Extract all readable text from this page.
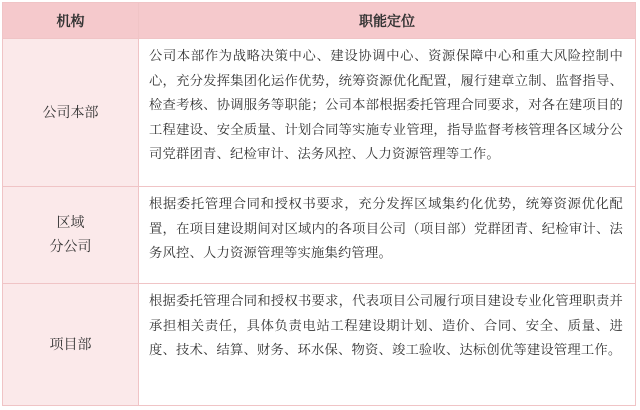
机构	职能定位
公司本部
公司本部作为战略决策中心、建设协调中心、资源保障中心和重大风险控制中心，充分发挥集团化运作优势，统筹资源优化配置，履行建章立制、监督指导、检查考核、协调服务等职能；公司本部根据委托管理合同要求，对各在建项目的工程建设、安全质量、计划合同等实施专业管理，指导监督考核管理各区域分公司党群团青、纪检审计、法务风控、人力资源管理等工作。
区域
分公司
根据委托管理合同和授权书要求，充分发挥区域集约化优势，统筹资源优化配置，在项目建设期间对区域内的各项目公司（项目部）党群团青、纪检审计、法务风控、人力资源管理等实施集约管理。
项目部
根据委托管理合同和授权书要求，代表项目公司履行项目建设专业化管理职责并承担相关责任，具体负责电站工程建设期计划、造价、合同、安全、质量、进度、技术、结算、财务、环水保、物资、竣工验收、达标创优等建设管理工作。
